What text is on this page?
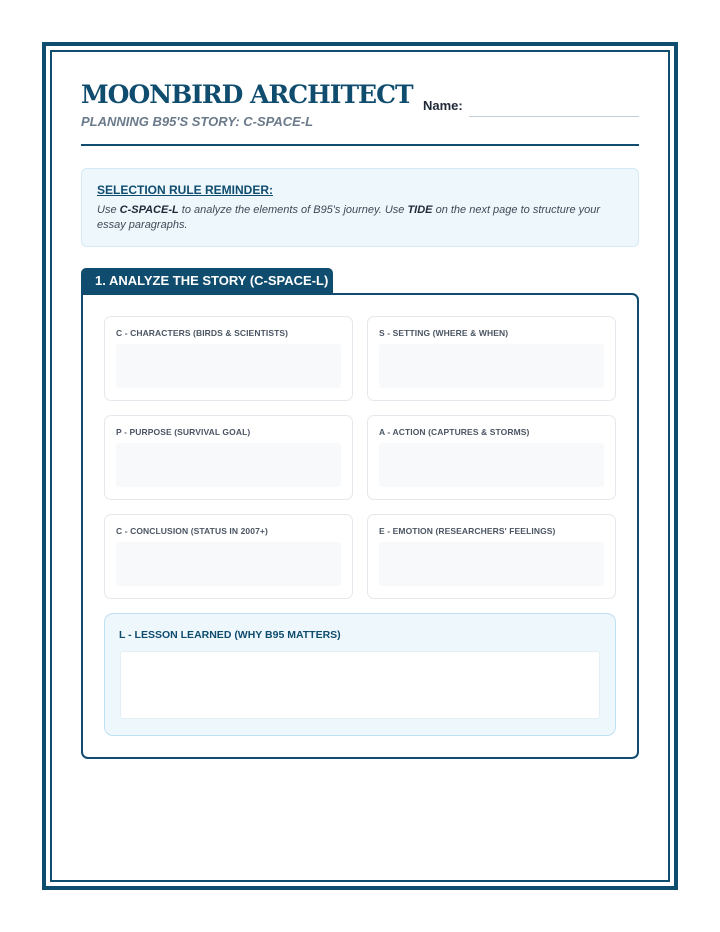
MOONBIRD ARCHITECT
PLANNING B95'S STORY: C-SPACE-L
Name:
SELECTION RULE REMINDER:
Use C-SPACE-L to analyze the elements of B95's journey. Use TIDE on the next page to structure your essay paragraphs.
1. ANALYZE THE STORY (C-SPACE-L)
C - CHARACTERS (BIRDS & SCIENTISTS)	S - SETTING (WHERE & WHEN)
P - PURPOSE (SURVIVAL GOAL)	A - ACTION (CAPTURES & STORMS)
C - CONCLUSION (STATUS IN 2007+)	E - EMOTION (RESEARCHERS' FEELINGS)
L - LESSON LEARNED (WHY B95 MATTERS)
